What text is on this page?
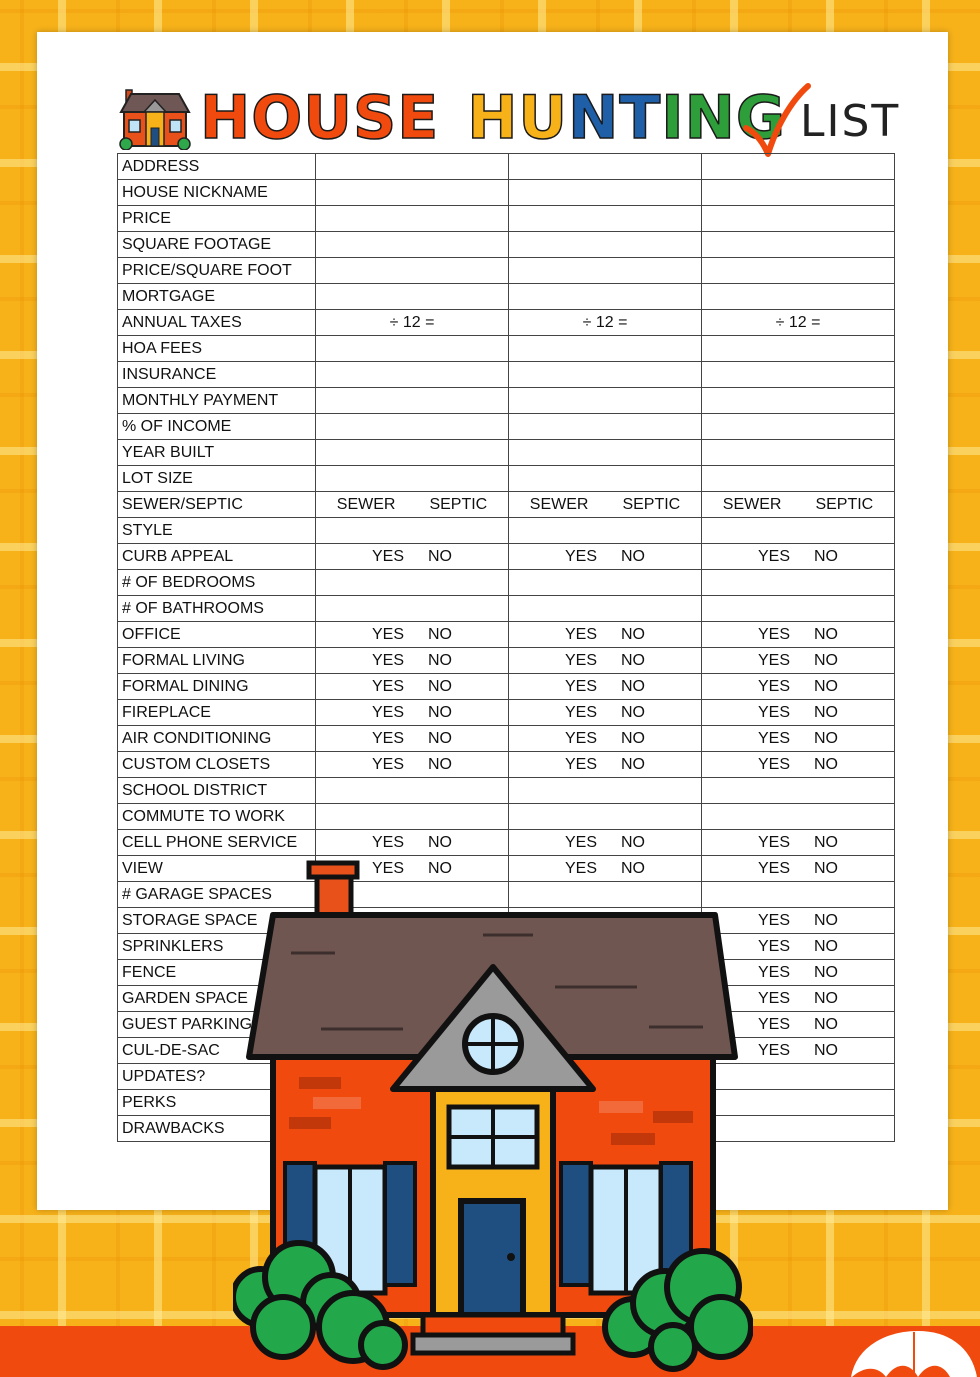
HOUSE HUNTING LIST
ADDRESS			
HOUSE NICKNAME			
PRICE			
SQUARE FOOTAGE			
PRICE/SQUARE FOOT			
MORTGAGE			
ANNUAL TAXES	÷ 12 =	÷ 12 =	÷ 12 =
HOA FEES			
INSURANCE			
MONTHLY PAYMENT			
% OF INCOME			
YEAR BUILT			
LOT SIZE			
SEWER/SEPTIC	SEWER SEPTIC	SEWER SEPTIC	SEWER SEPTIC

STYLE			
CURB APPEAL	YES NO	YES NO	YES NO

# OF BEDROOMS			
# OF BATHROOMS			
OFFICE	YES NO	YES NO	YES NO

FORMAL LIVING	YES NO	YES NO	YES NO

FORMAL DINING	YES NO	YES NO	YES NO

FIREPLACE	YES NO	YES NO	YES NO

AIR CONDITIONING	YES NO	YES NO	YES NO

CUSTOM CLOSETS	YES NO	YES NO	YES NO

SCHOOL DISTRICT			
COMMUTE TO WORK			
CELL PHONE SERVICE	YES NO	YES NO	YES NO

VIEW	YES NO	YES NO	YES NO

# GARAGE SPACES			
STORAGE SPACE			YES NO

SPRINKLERS			YES NO

FENCE			YES NO

GARDEN SPACE			YES NO

GUEST PARKING			YES NO

CUL-DE-SAC			YES NO

UPDATES?			
PERKS			
DRAWBACKS			
